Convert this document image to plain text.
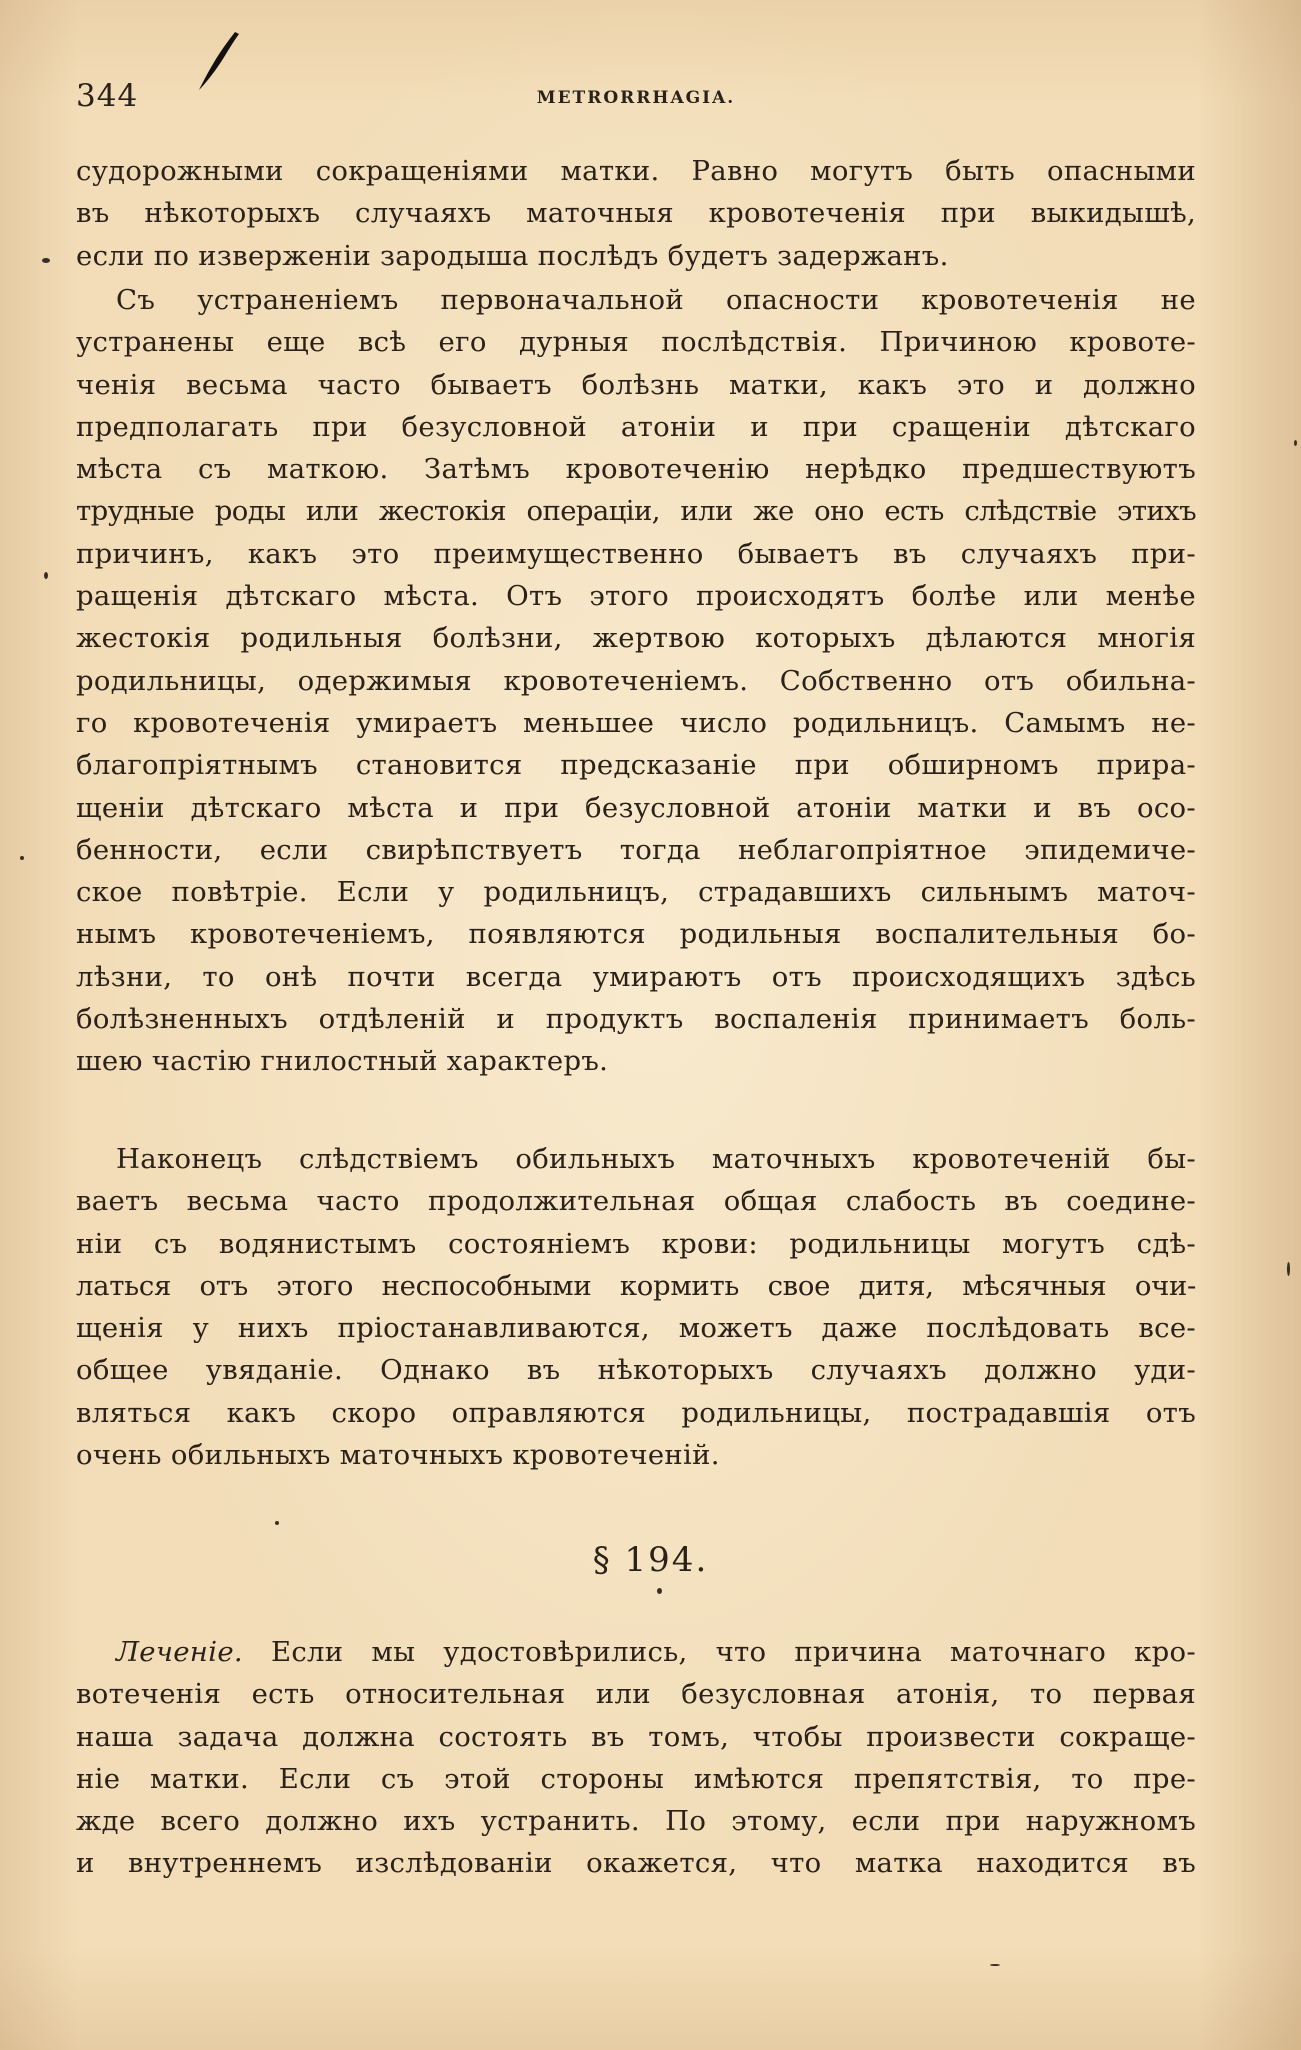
344	METRORRHAGIA.
судорожными сокращеніями матки. Равно могутъ быть опасными
въ нѣкоторыхъ случаяхъ маточныя кровотеченія при выкидышѣ,
если по изверженіи зародыша послѣдъ будетъ задержанъ.
Съ устраненіемъ первоначальной опасности кровотеченія не
устранены еще всѣ его дурныя послѣдствія. Причиною кровоте-
ченія весьма часто бываетъ болѣзнь матки, какъ это и должно
предполагать при безусловной атоніи и при сращеніи дѣтскаго
мѣста съ маткою. Затѣмъ кровотеченію нерѣдко предшествуютъ
трудные роды или жестокія операціи, или же оно есть слѣдствіе этихъ
причинъ, какъ это преимущественно бываетъ въ случаяхъ при-
ращенія дѣтскаго мѣста. Отъ этого происходятъ болѣе или менѣе
жестокія родильныя болѣзни, жертвою которыхъ дѣлаются многія
родильницы, одержимыя кровотеченіемъ. Собственно отъ обильна-
го кровотеченія умираетъ меньшее число родильницъ. Самымъ не-
благопріятнымъ становится предсказаніе при обширномъ прира-
щеніи дѣтскаго мѣста и при безусловной атоніи матки и въ осо-
бенности, если свирѣпствуетъ тогда неблагопріятное эпидемиче-
ское повѣтріе. Если у родильницъ, страдавшихъ сильнымъ маточ-
нымъ кровотеченіемъ, появляются родильныя воспалительныя бо-
лѣзни, то онѣ почти всегда умираютъ отъ происходящихъ здѣсь
болѣзненныхъ отдѣленій и продуктъ воспаленія принимаетъ боль-
шею частію гнилостный характеръ.
Наконецъ слѣдствіемъ обильныхъ маточныхъ кровотеченій бы-
ваетъ весьма часто продолжительная общая слабость въ соедине-
ніи съ водянистымъ состояніемъ крови: родильницы могутъ сдѣ-
латься отъ этого неспособными кормить свое дитя, мѣсячныя очи-
щенія у нихъ пріостанавливаются, можетъ даже послѣдовать все-
общее увяданіе. Однако въ нѣкоторыхъ случаяхъ должно уди-
вляться какъ скоро оправляются родильницы, пострадавшія отъ
очень обильныхъ маточныхъ кровотеченій.
§ 194.
Леченіе. Если мы удостовѣрились, что причина маточнаго кро-
вотеченія есть относительная или безусловная атонія, то первая
наша задача должна состоять въ томъ, чтобы произвести сокраще-
ніе матки. Если съ этой стороны имѣются препятствія, то пре-
жде всего должно ихъ устранить. По этому, если при наружномъ
и внутреннемъ изслѣдованіи окажется, что матка находится въ
